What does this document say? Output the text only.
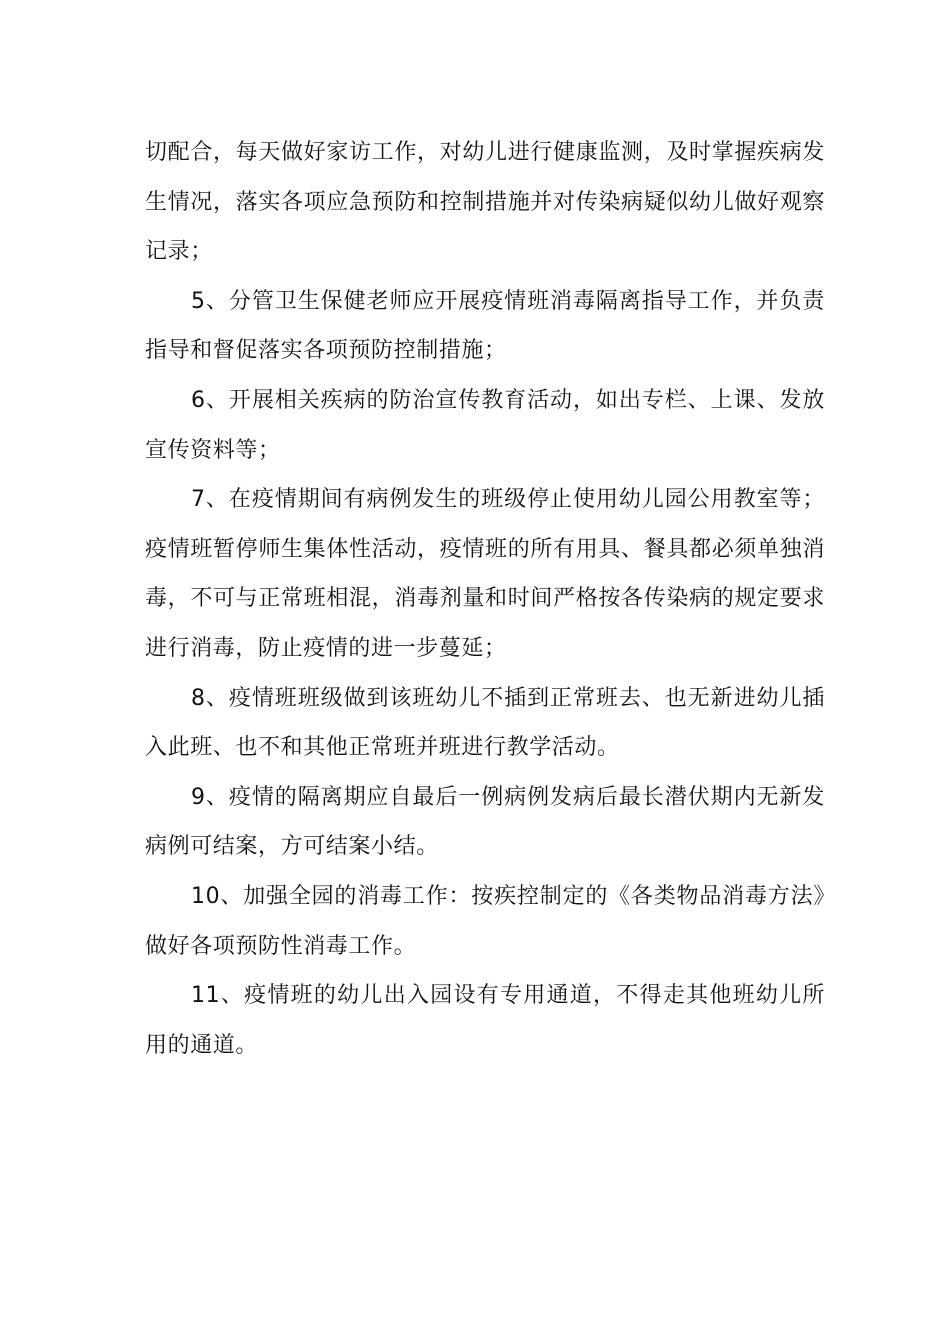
切配合，每天做好家访工作，对幼儿进行健康监测，及时掌握疾病发生情况，落实各项应急预防和控制措施并对传染病疑似幼儿做好观察记录；

5、分管卫生保健老师应开展疫情班消毒隔离指导工作，并负责指导和督促落实各项预防控制措施；

6、开展相关疾病的防治宣传教育活动，如出专栏、上课、发放宣传资料等；

7、在疫情期间有病例发生的班级停止使用幼儿园公用教室等；疫情班暂停师生集体性活动，疫情班的所有用具、餐具都必须单独消毒，不可与正常班相混，消毒剂量和时间严格按各传染病的规定要求进行消毒，防止疫情的进一步蔓延；

8、疫情班班级做到该班幼儿不插到正常班去、也无新进幼儿插入此班、也不和其他正常班并班进行教学活动。

9、疫情的隔离期应自最后一例病例发病后最长潜伏期内无新发病例可结案，方可结案小结。

10、加强全园的消毒工作：按疾控制定的《各类物品消毒方法》做好各项预防性消毒工作。

11、疫情班的幼儿出入园设有专用通道，不得走其他班幼儿所用的通道。
